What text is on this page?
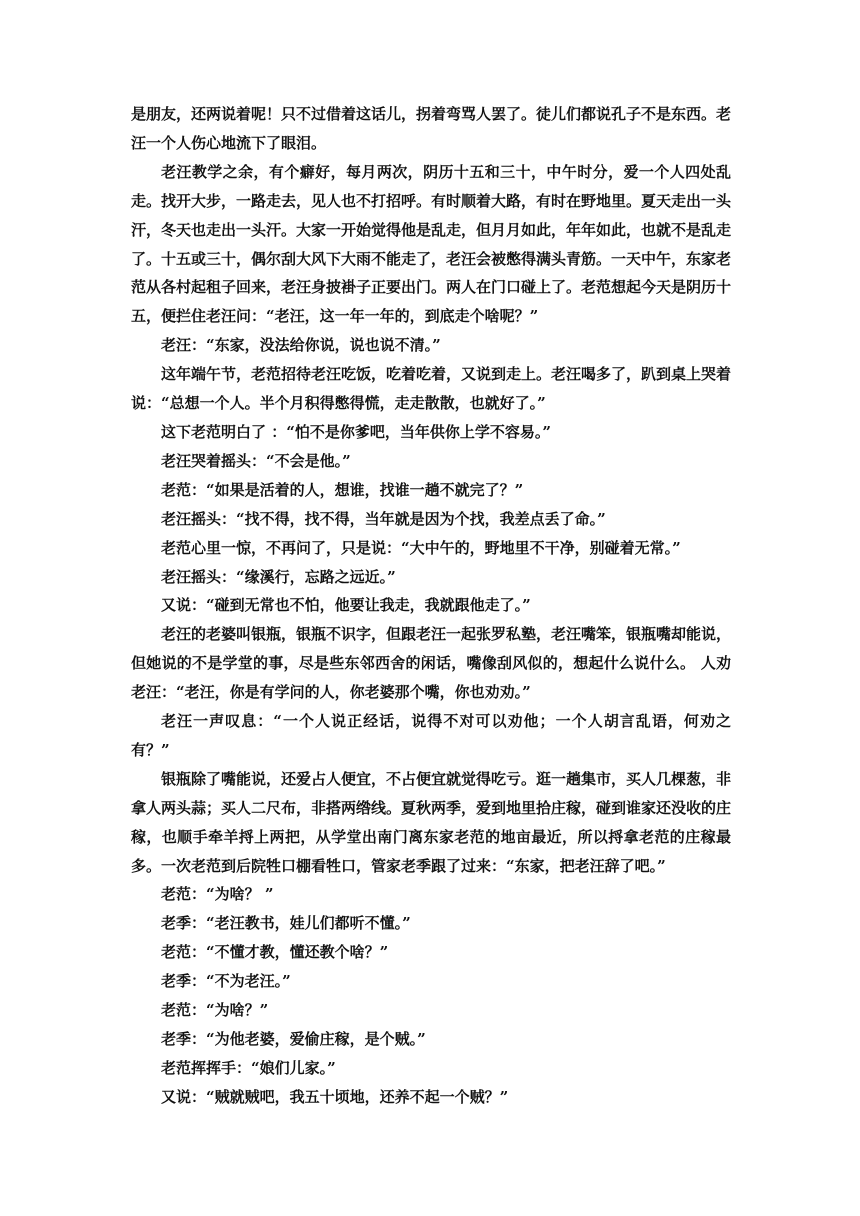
是朋友，还两说着呢！只不过借着这话儿，拐着弯骂人罢了。徒儿们都说孔子不是东西。老汪一个人伤心地流下了眼泪。

老汪教学之余，有个癖好，每月两次，阴历十五和三十，中午时分，爱一个人四处乱走。找开大步，一路走去，见人也不打招呼。有时顺着大路，有时在野地里。夏天走出一头汗，冬天也走出一头汗。大家一开始觉得他是乱走，但月月如此，年年如此，也就不是乱走了。十五或三十，偶尔刮大风下大雨不能走了，老汪会被憋得满头青筋。一天中午，东家老范从各村起租子回来，老汪身披褂子正要出门。两人在门口碰上了。老范想起今天是阴历十五，便拦住老汪问：“老汪，这一年一年的，到底走个啥呢？”

老汪：“东家，没法给你说，说也说不清。”

这年端午节，老范招待老汪吃饭，吃着吃着，又说到走上。老汪喝多了，趴到桌上哭着说：“总想一个人。半个月积得憋得慌，走走散散，也就好了。”

这下老范明白了 ：“怕不是你爹吧，当年供你上学不容易。”

老汪哭着摇头：“不会是他。”

老范：“如果是活着的人，想谁，找谁一趟不就完了？”

老汪摇头：“找不得，找不得，当年就是因为个找，我差点丢了命。”

老范心里一惊，不再问了，只是说：“大中午的，野地里不干净，别碰着无常。”

老汪摇头：“缘溪行，忘路之远近。”

又说：“碰到无常也不怕，他要让我走，我就跟他走了。”

老汪的老婆叫银瓶，银瓶不识字，但跟老汪一起张罗私塾，老汪嘴笨，银瓶嘴却能说，但她说的不是学堂的事，尽是些东邻西舍的闲话，嘴像刮风似的，想起什么说什么。 人劝老汪：“老汪，你是有学问的人，你老婆那个嘴，你也劝劝。”

老汪一声叹息：“一个人说正经话，说得不对可以劝他；一个人胡言乱语，何劝之有？”

银瓶除了嘴能说，还爱占人便宜，不占便宜就觉得吃亏。逛一趟集市，买人几棵葱，非拿人两头蒜；买人二尺布，非搭两绺线。夏秋两季，爱到地里拾庄稼，碰到谁家还没收的庄稼，也顺手牵羊捋上两把，从学堂出南门离东家老范的地亩最近，所以捋拿老范的庄稼最多。一次老范到后院牲口棚看牲口，管家老季跟了过来：“东家，把老汪辞了吧。”

老范：“为啥？ ”

老季：“老汪教书，娃儿们都听不懂。”

老范：“不懂才教，懂还教个啥？”

老季：“不为老汪。”

老范：“为啥？”

老季：“为他老婆，爱偷庄稼，是个贼。”

老范挥挥手：“娘们儿家。”

又说：“贼就贼吧，我五十顷地，还养不起一个贼？”
